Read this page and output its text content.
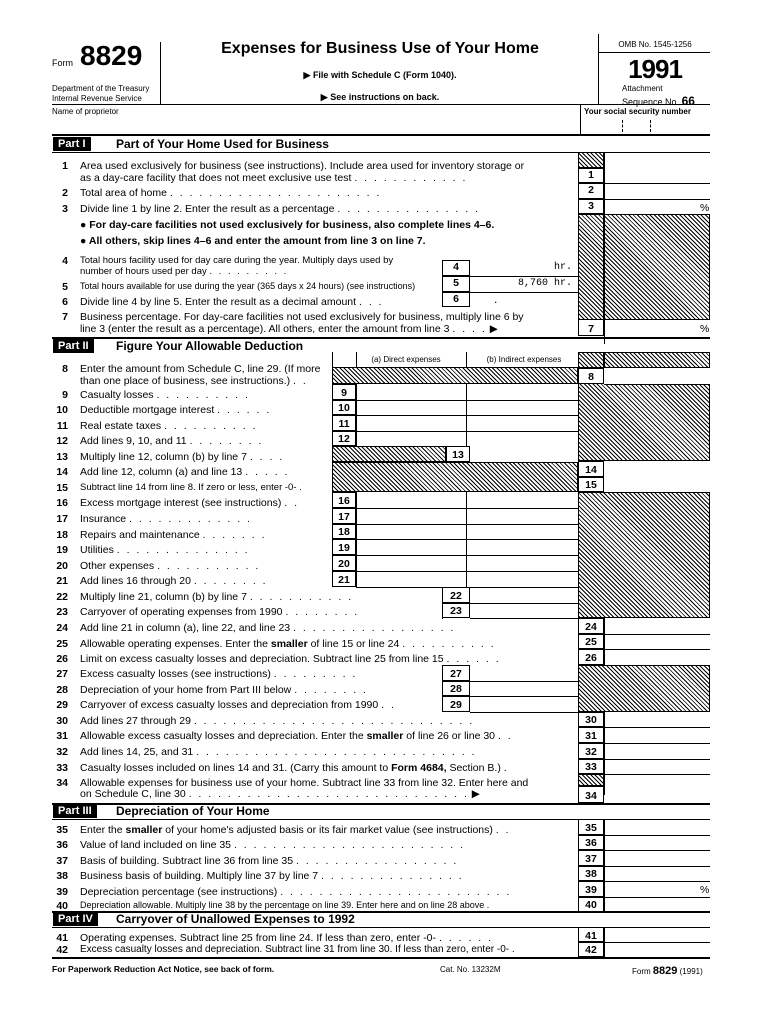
Form 8829
Department of the Treasury
Internal Revenue Service
Expenses for Business Use of Your Home
▶ File with Schedule C (Form 1040).
▶ See instructions on back.
OMB No. 1545-1256
1991
Attachment
Sequence No. 66
Name of proprietor	Your social security number
Part I	Part of Your Home Used for Business
1 Area used exclusively for business (see instructions). Include area used for inventory storage or
as a day-care facility that does not meet exclusive use test . . . . . . . . . . . .	1
2 Total area of home . . . . . . . . . . . . . . . . . . . . . .	2
3 Divide line 1 by line 2. Enter the result as a percentage . . . . . . . . . . . . . . .	3	%
● For day-care facilities not used exclusively for business, also complete lines 4–6.
● All others, skip lines 4–6 and enter the amount from line 3 on line 7.
4 Total hours facility used for day care during the year. Multiply days used by
number of hours used per day . . . . . . . . .	4	hr.
5 Total hours available for use during the year (365 days x 24 hours) (see instructions)	5	8,760 hr.
6 Divide line 4 by line 5. Enter the result as a decimal amount . . .	6	.
7 Business percentage. For day-care facilities not used exclusively for business, multiply line 6 by
line 3 (enter the result as a percentage). All others, enter the amount from line 3 . . . . ▶	7	%
Part II	Figure Your Allowable Deduction
(a) Direct expenses	(b) Indirect expenses
8 Enter the amount from Schedule C, line 29. (If more
than one place of business, see instructions.) . .	8
9 Casualty losses . . . . . . . . . .	9
10 Deductible mortgage interest . . . . . .	10
11 Real estate taxes . . . . . . . . . .	11
12 Add lines 9, 10, and 11 . . . . . . . .	12
13 Multiply line 12, column (b) by line 7 . . . .	13
14 Add line 12, column (a) and line 13 . . . . .	14
15 Subtract line 14 from line 8. If zero or less, enter -0- .	15
16 Excess mortgage interest (see instructions) . .	16
17 Insurance . . . . . . . . . . . . .	17
18 Repairs and maintenance . . . . . . .	18
19 Utilities . . . . . . . . . . . . . .	19
20 Other expenses . . . . . . . . . . .	20
21 Add lines 16 through 20 . . . . . . . .	21
22 Multiply line 21, column (b) by line 7 . . . . . . . . . . .	22
23 Carryover of operating expenses from 1990 . . . . . . . .	23
24 Add line 21 in column (a), line 22, and line 23 . . . . . . . . . . . . . . . . .	24
25 Allowable operating expenses. Enter the smaller of line 15 or line 24 . . . . . . . . . .	25
26 Limit on excess casualty losses and depreciation. Subtract line 25 from line 15 . . . . . .	26
27 Excess casualty losses (see instructions) . . . . . . . . .	27
28 Depreciation of your home from Part III below . . . . . . . .	28
29 Carryover of excess casualty losses and depreciation from 1990 . .	29
30 Add lines 27 through 29 . . . . . . . . . . . . . . . . . . . . . . . . . . . . .	30
31 Allowable excess casualty losses and depreciation. Enter the smaller of line 26 or line 30 . .	31
32 Add lines 14, 25, and 31 . . . . . . . . . . . . . . . . . . . . . . . . . . . . .	32
33 Casualty losses included on lines 14 and 31. (Carry this amount to Form 4684, Section B.) .	33
34 Allowable expenses for business use of your home. Subtract line 33 from line 32. Enter here and
on Schedule C, line 30 . . . . . . . . . . . . . . . . . . . . . . . . . . . . . ▶	34
Part III	Depreciation of Your Home
35 Enter the smaller of your home's adjusted basis or its fair market value (see instructions) . .	35
36 Value of land included on line 35 . . . . . . . . . . . . . . . . . . . . . . . .	36
37 Basis of building. Subtract line 36 from line 35 . . . . . . . . . . . . . . . . .	37
38 Business basis of building. Multiply line 37 by line 7 . . . . . . . . . . . . . . .	38
39 Depreciation percentage (see instructions) . . . . . . . . . . . . . . . . . . . . . . . .	39	%
40 Depreciation allowable. Multiply line 38 by the percentage on line 39. Enter here and on line 28 above .	40
Part IV	Carryover of Unallowed Expenses to 1992
41 Operating expenses. Subtract line 25 from line 24. If less than zero, enter -0- . . . . . .	41
42 Excess casualty losses and depreciation. Subtract line 31 from line 30. If less than zero, enter -0- .	42
For Paperwork Reduction Act Notice, see back of form.	Cat. No. 13232M	Form 8829 (1991)
